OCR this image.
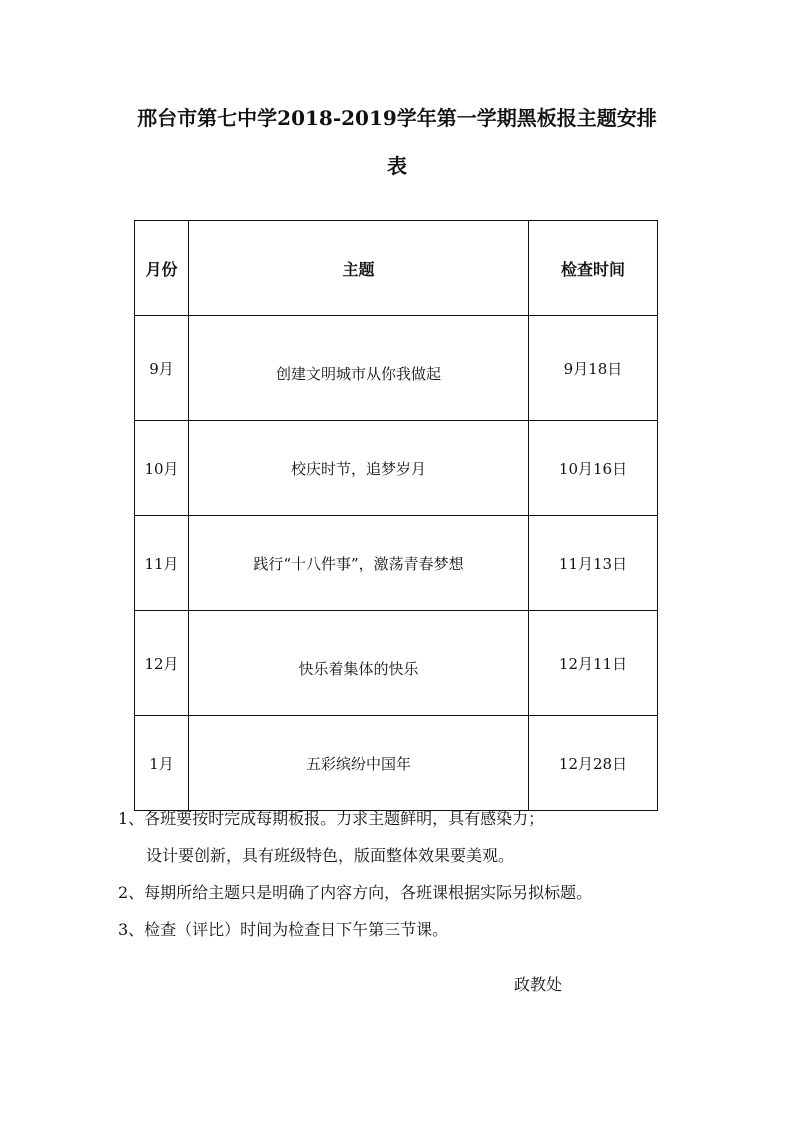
邢台市第七中学2018-2019学年第一学期黑板报主题安排
表
月份	主题	检查时间
9月	创建文明城市从你我做起	9月18日
10月	校庆时节，追梦岁月	10月16日
11月	践行“十八件事”，激荡青春梦想	11月13日
12月	快乐着集体的快乐	12月11日
1月	五彩缤纷中国年	12月28日

1、各班要按时完成每期板报。力求主题鲜明，具有感染力；

设计要创新，具有班级特色，版面整体效果要美观。

2、每期所给主题只是明确了内容方向，各班课根据实际另拟标题。

3、检查（评比）时间为检查日下午第三节课。

政教处
